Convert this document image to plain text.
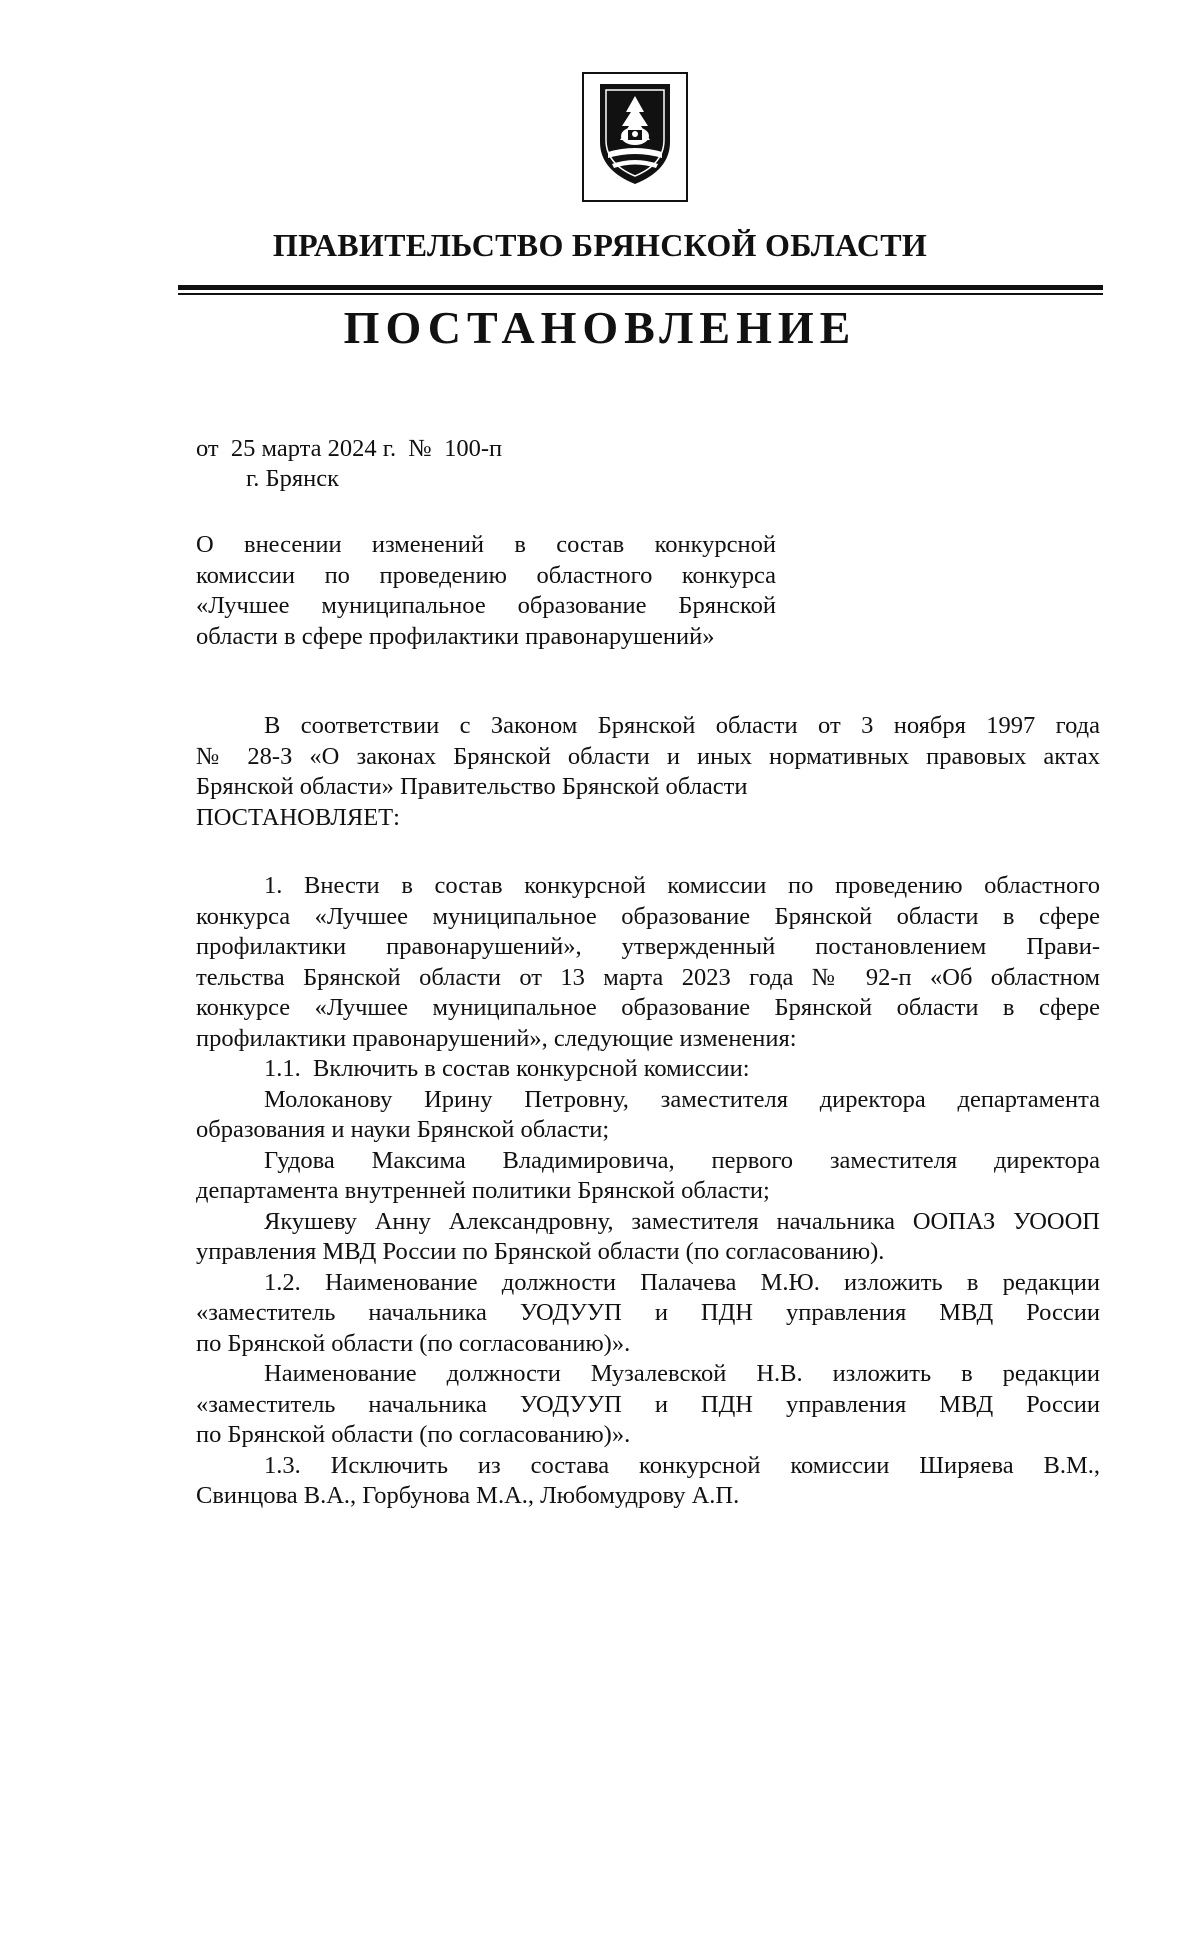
ПРАВИТЕЛЬСТВО БРЯНСКОЙ ОБЛАСТИ
ПОСТАНОВЛЕНИЕ
от  25 марта 2024 г.  №  100-п
г. Брянск
О  внесении  изменений  в  состав  конкурсной
комиссии  по  проведению  областного  конкурса
«Лучшее  муниципальное  образование  Брянской
области в сфере профилактики правонарушений»
В соответствии с Законом Брянской области от 3 ноября 1997 года
№ 28-З «О законах Брянской области и иных нормативных правовых актах
Брянской области» Правительство Брянской области
ПОСТАНОВЛЯЕТ:
1. Внести в состав конкурсной комиссии по проведению областного
конкурса «Лучшее муниципальное образование Брянской области в сфере
профилактики правонарушений», утвержденный постановлением Прави-
тельства Брянской области от 13 марта 2023 года № 92-п «Об областном
конкурсе «Лучшее муниципальное образование Брянской области в сфере
профилактики правонарушений», следующие изменения:
1.1.  Включить в состав конкурсной комиссии:
Молоканову Ирину Петровну, заместителя директора департамента
образования и науки Брянской области;
Гудова Максима Владимировича, первого заместителя директора
департамента внутренней политики Брянской области;
Якушеву Анну Александровну, заместителя начальника ООПАЗ УОООП
управления МВД России по Брянской области (по согласованию).
1.2. Наименование должности Палачева М.Ю. изложить в редакции
«заместитель начальника УОДУУП и ПДН управления МВД России
по Брянской области (по согласованию)».
Наименование должности Музалевской Н.В. изложить в редакции
«заместитель начальника УОДУУП и ПДН управления МВД России
по Брянской области (по согласованию)».
1.3. Исключить из состава конкурсной комиссии Ширяева В.М.,
Свинцова В.А., Горбунова М.А., Любомудрову А.П.
